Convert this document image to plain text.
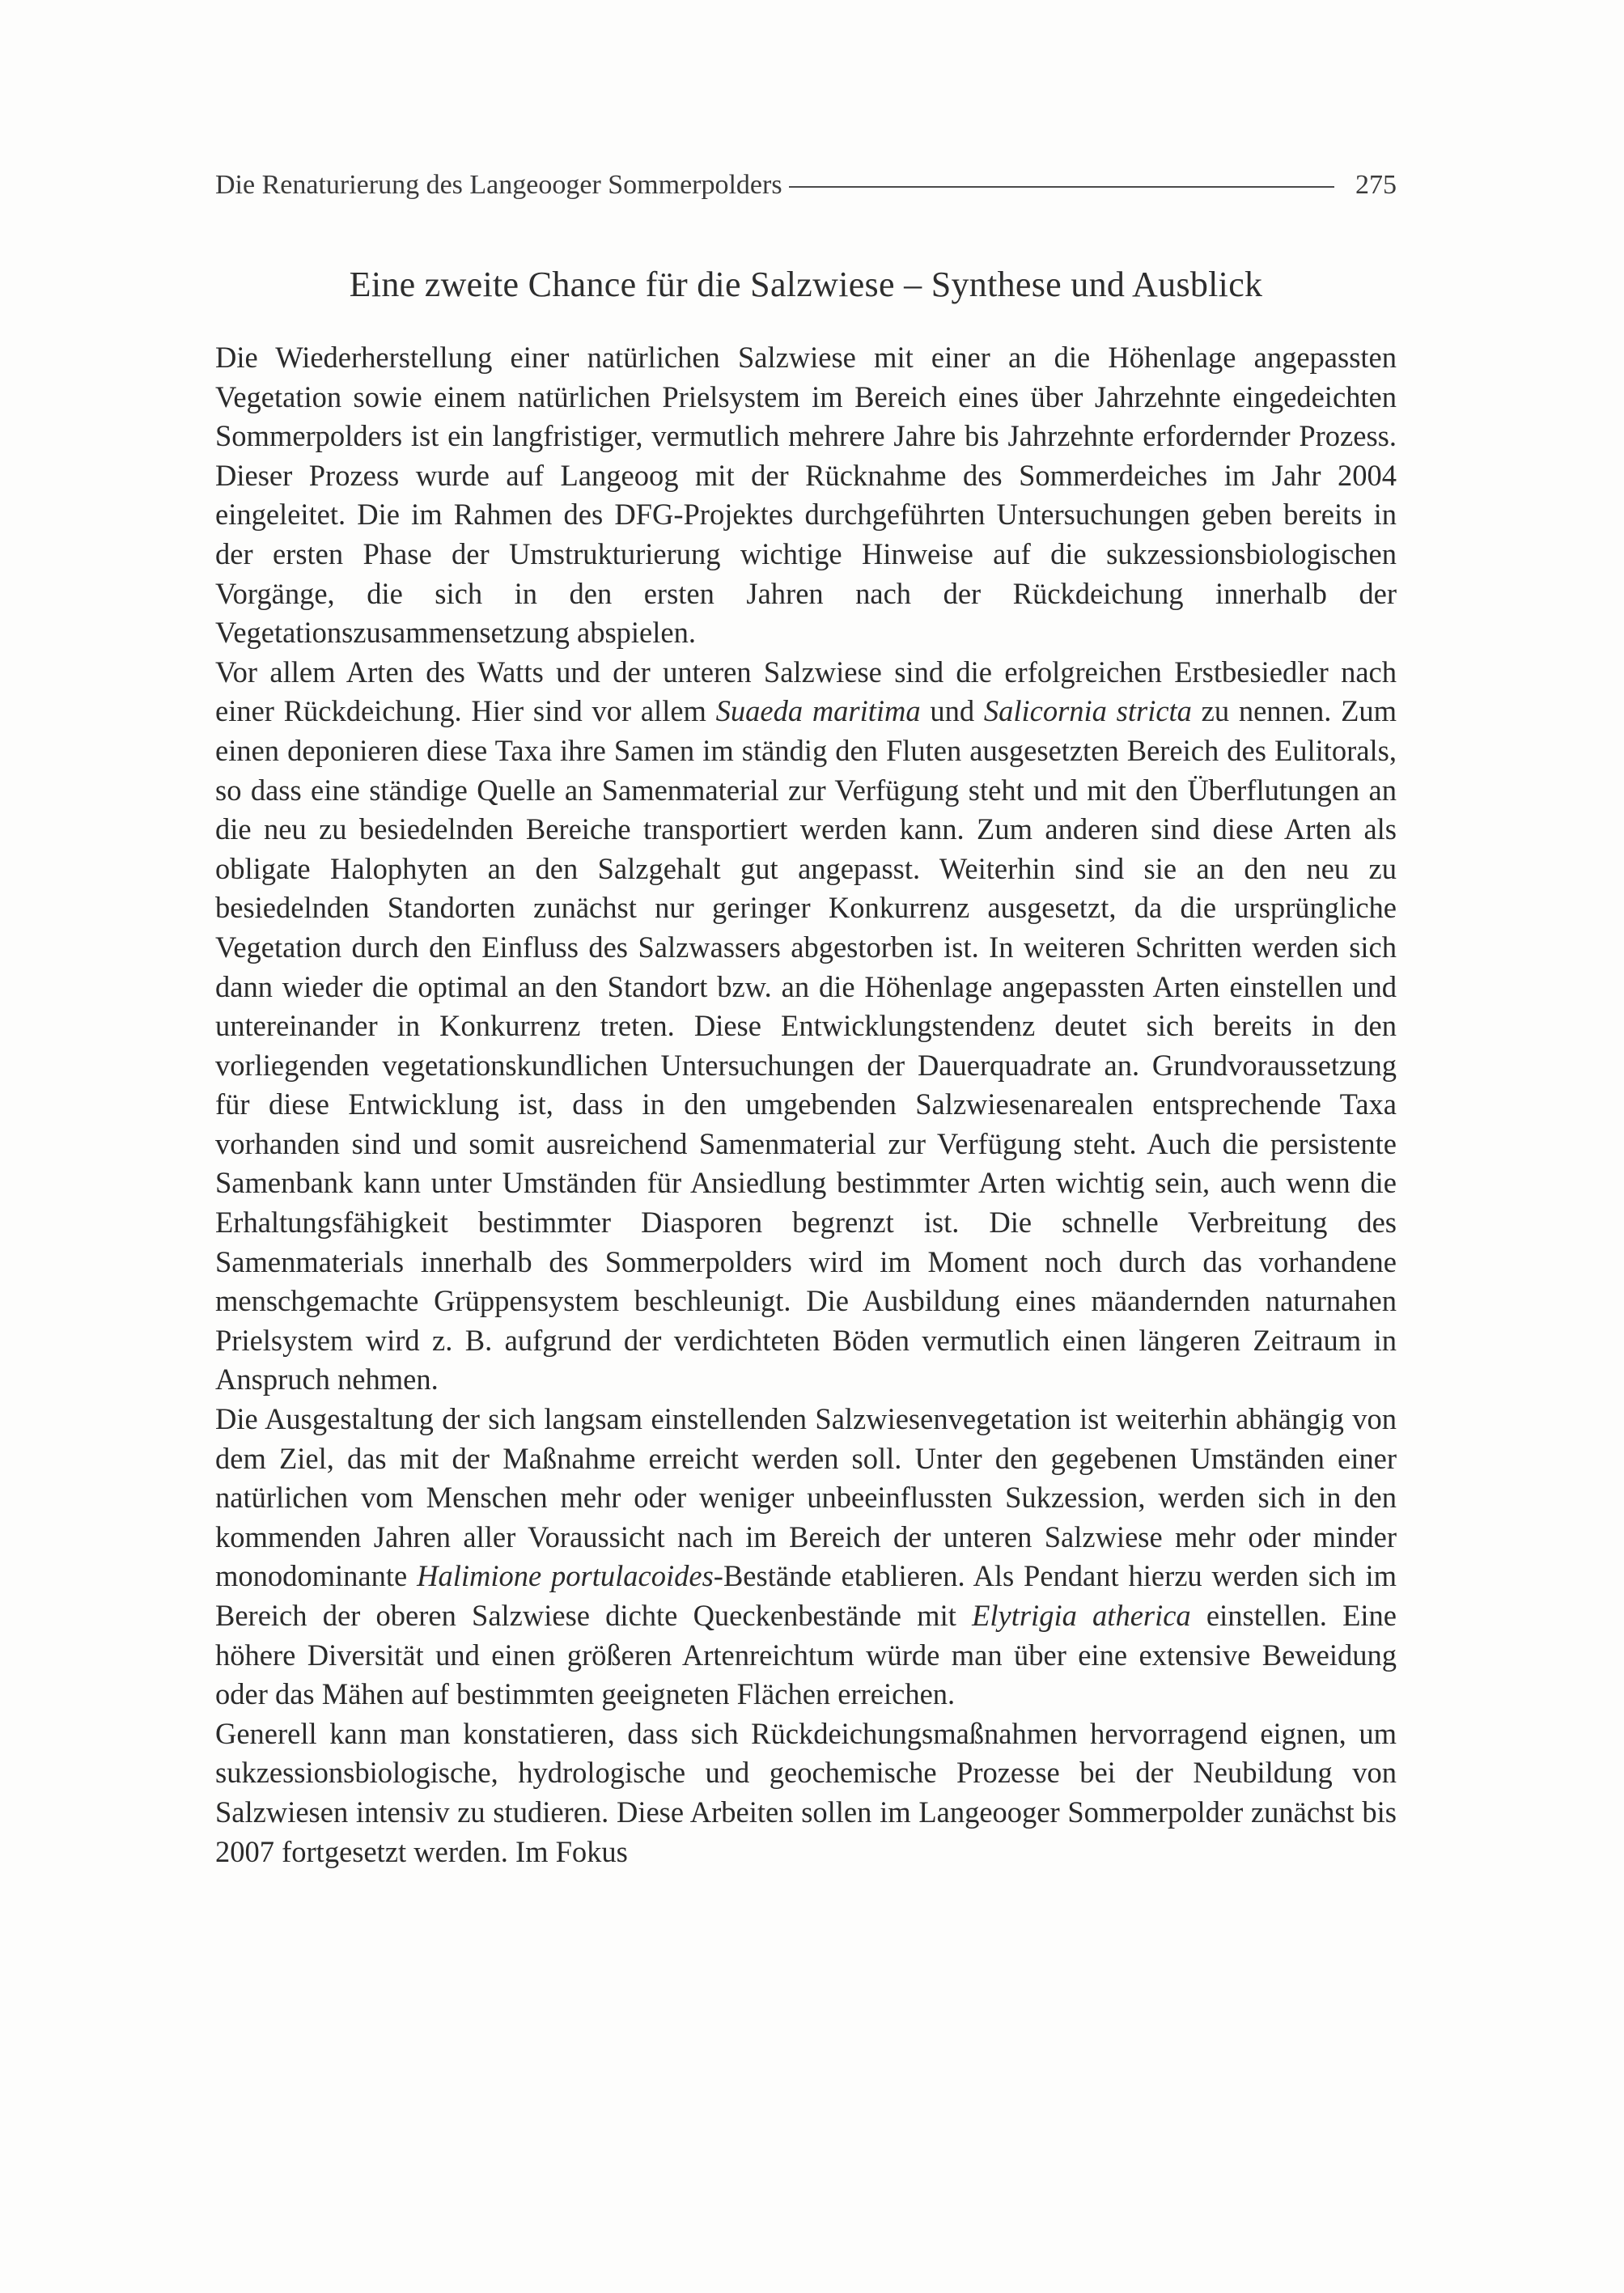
Die Renaturierung des Langeooger Sommerpolders	275
Eine zweite Chance für die Salzwiese – Synthese und Ausblick

Die Wiederherstellung einer natürlichen Salzwiese mit einer an die Höhenlage angepassten Vegetation sowie einem natürlichen Prielsystem im Bereich eines über Jahrzehnte eingedeichten Sommerpolders ist ein langfristiger, vermutlich mehrere Jahre bis Jahrzehnte erfordernder Prozess. Dieser Prozess wurde auf Langeoog mit der Rücknahme des Sommerdeiches im Jahr 2004 eingeleitet. Die im Rahmen des DFG-Projektes durchgeführten Untersuchungen geben bereits in der ersten Phase der Umstrukturierung wichtige Hinweise auf die sukzessionsbiologischen Vorgänge, die sich in den ersten Jahren nach der Rückdeichung innerhalb der Vegetationszusammensetzung abspielen.

Vor allem Arten des Watts und der unteren Salzwiese sind die erfolgreichen Erstbesiedler nach einer Rückdeichung. Hier sind vor allem Suaeda maritima und Salicornia stricta zu nennen. Zum einen deponieren diese Taxa ihre Samen im ständig den Fluten ausgesetzten Bereich des Eulitorals, so dass eine ständige Quelle an Samenmaterial zur Verfügung steht und mit den Überflutungen an die neu zu besiedelnden Bereiche transportiert werden kann. Zum anderen sind diese Arten als obligate Halophyten an den Salzgehalt gut angepasst. Weiterhin sind sie an den neu zu besiedelnden Standorten zunächst nur geringer Konkurrenz ausgesetzt, da die ursprüngliche Vegetation durch den Einfluss des Salzwassers abgestorben ist. In weiteren Schritten werden sich dann wieder die optimal an den Standort bzw. an die Höhenlage angepassten Arten einstellen und untereinander in Konkurrenz treten. Diese Entwicklungstendenz deutet sich bereits in den vorliegenden vegetationskundlichen Untersuchungen der Dauerquadrate an. Grundvoraussetzung für diese Entwicklung ist, dass in den umgebenden Salzwiesenarealen entsprechende Taxa vorhanden sind und somit ausreichend Samenmaterial zur Verfügung steht. Auch die persistente Samenbank kann unter Umständen für Ansiedlung bestimmter Arten wichtig sein, auch wenn die Erhaltungsfähigkeit bestimmter Diasporen begrenzt ist. Die schnelle Verbreitung des Samenmaterials innerhalb des Sommerpolders wird im Moment noch durch das vorhandene menschgemachte Grüppensystem beschleunigt. Die Ausbildung eines mäandernden naturnahen Prielsystem wird z. B. aufgrund der verdichteten Böden vermutlich einen längeren Zeitraum in Anspruch nehmen.

Die Ausgestaltung der sich langsam einstellenden Salzwiesenvegetation ist weiterhin abhängig von dem Ziel, das mit der Maßnahme erreicht werden soll. Unter den gegebenen Umständen einer natürlichen vom Menschen mehr oder weniger unbeeinflussten Sukzession, werden sich in den kommenden Jahren aller Voraussicht nach im Bereich der unteren Salzwiese mehr oder minder monodominante Halimione portulacoides-Bestände etablieren. Als Pendant hierzu werden sich im Bereich der oberen Salzwiese dichte Queckenbestände mit Elytrigia atherica einstellen. Eine höhere Diversität und einen größeren Artenreichtum würde man über eine extensive Beweidung oder das Mähen auf bestimmten geeigneten Flächen erreichen.

Generell kann man konstatieren, dass sich Rückdeichungsmaßnahmen hervorragend eignen, um sukzessionsbiologische, hydrologische und geochemische Prozesse bei der Neubildung von Salzwiesen intensiv zu studieren. Diese Arbeiten sollen im Langeooger Sommerpolder zunächst bis 2007 fortgesetzt werden. Im Fokus
